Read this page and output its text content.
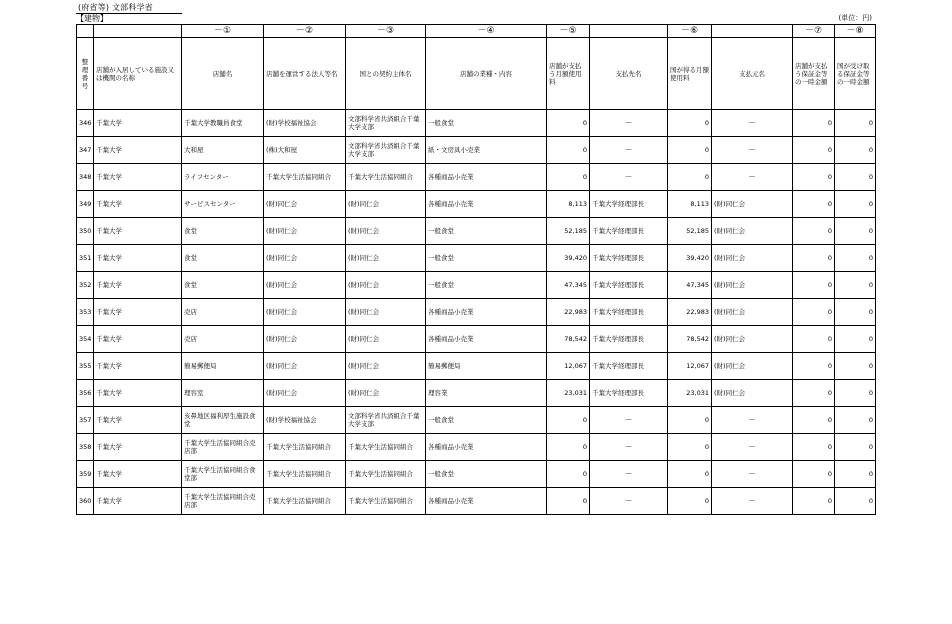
(府省等) 文部科学省
【建物】	(単位：円)
		－①	－②	－③	－④	－⑤		－⑥		－⑦	－⑧
整理番号	店舗が入居している施設又は機関の名称	店舗名	店舗を運営する法人等名	国との契約主体名	店舗の業種・内容	店舗が支払う月額使用料	支払先名	国が得る月額使用料	支払元名	店舗が支払う保証金等の一時金額	国が受け取る保証金等の一時金額
346	千葉大学	千葉大学教職員食堂	(財)学校福祉協会	文部科学省共済組合千葉大学支部	一般食堂	0	－	0	－	0	0
347	千葉大学	大和屋	(株)大和屋	文部科学省共済組合千葉大学支部	紙・文房具小売業	0	－	0	－	0	0
348	千葉大学	ライフセンター	千葉大学生活協同組合	千葉大学生活協同組合	各種商品小売業	0	－	0	－	0	0
349	千葉大学	サービスセンター	(財)同仁会	(財)同仁会	各種商品小売業	8,113	千葉大学経理部長	8,113	(財)同仁会	0	0
350	千葉大学	食堂	(財)同仁会	(財)同仁会	一般食堂	52,185	千葉大学経理部長	52,185	(財)同仁会	0	0
351	千葉大学	食堂	(財)同仁会	(財)同仁会	一般食堂	39,420	千葉大学経理部長	39,420	(財)同仁会	0	0
352	千葉大学	食堂	(財)同仁会	(財)同仁会	一般食堂	47,345	千葉大学経理部長	47,345	(財)同仁会	0	0
353	千葉大学	売店	(財)同仁会	(財)同仁会	各種商品小売業	22,983	千葉大学経理部長	22,983	(財)同仁会	0	0
354	千葉大学	売店	(財)同仁会	(財)同仁会	各種商品小売業	78,542	千葉大学経理部長	78,542	(財)同仁会	0	0
355	千葉大学	簡易郵便局	(財)同仁会	(財)同仁会	簡易郵便局	12,067	千葉大学経理部長	12,067	(財)同仁会	0	0
356	千葉大学	理容室	(財)同仁会	(財)同仁会	理容業	23,031	千葉大学経理部長	23,031	(財)同仁会	0	0
357	千葉大学	亥鼻地区福利厚生施設食堂	(財)学校福祉協会	文部科学省共済組合千葉大学支部	一般食堂	0	－	0	－	0	0
358	千葉大学	千葉大学生活協同組合売店部	千葉大学生活協同組合	千葉大学生活協同組合	各種商品小売業	0	－	0	－	0	0
359	千葉大学	千葉大学生活協同組合食堂部	千葉大学生活協同組合	千葉大学生活協同組合	一般食堂	0	－	0	－	0	0
360	千葉大学	千葉大学生活協同組合売店部	千葉大学生活協同組合	千葉大学生活協同組合	各種商品小売業	0	－	0	－	0	0
